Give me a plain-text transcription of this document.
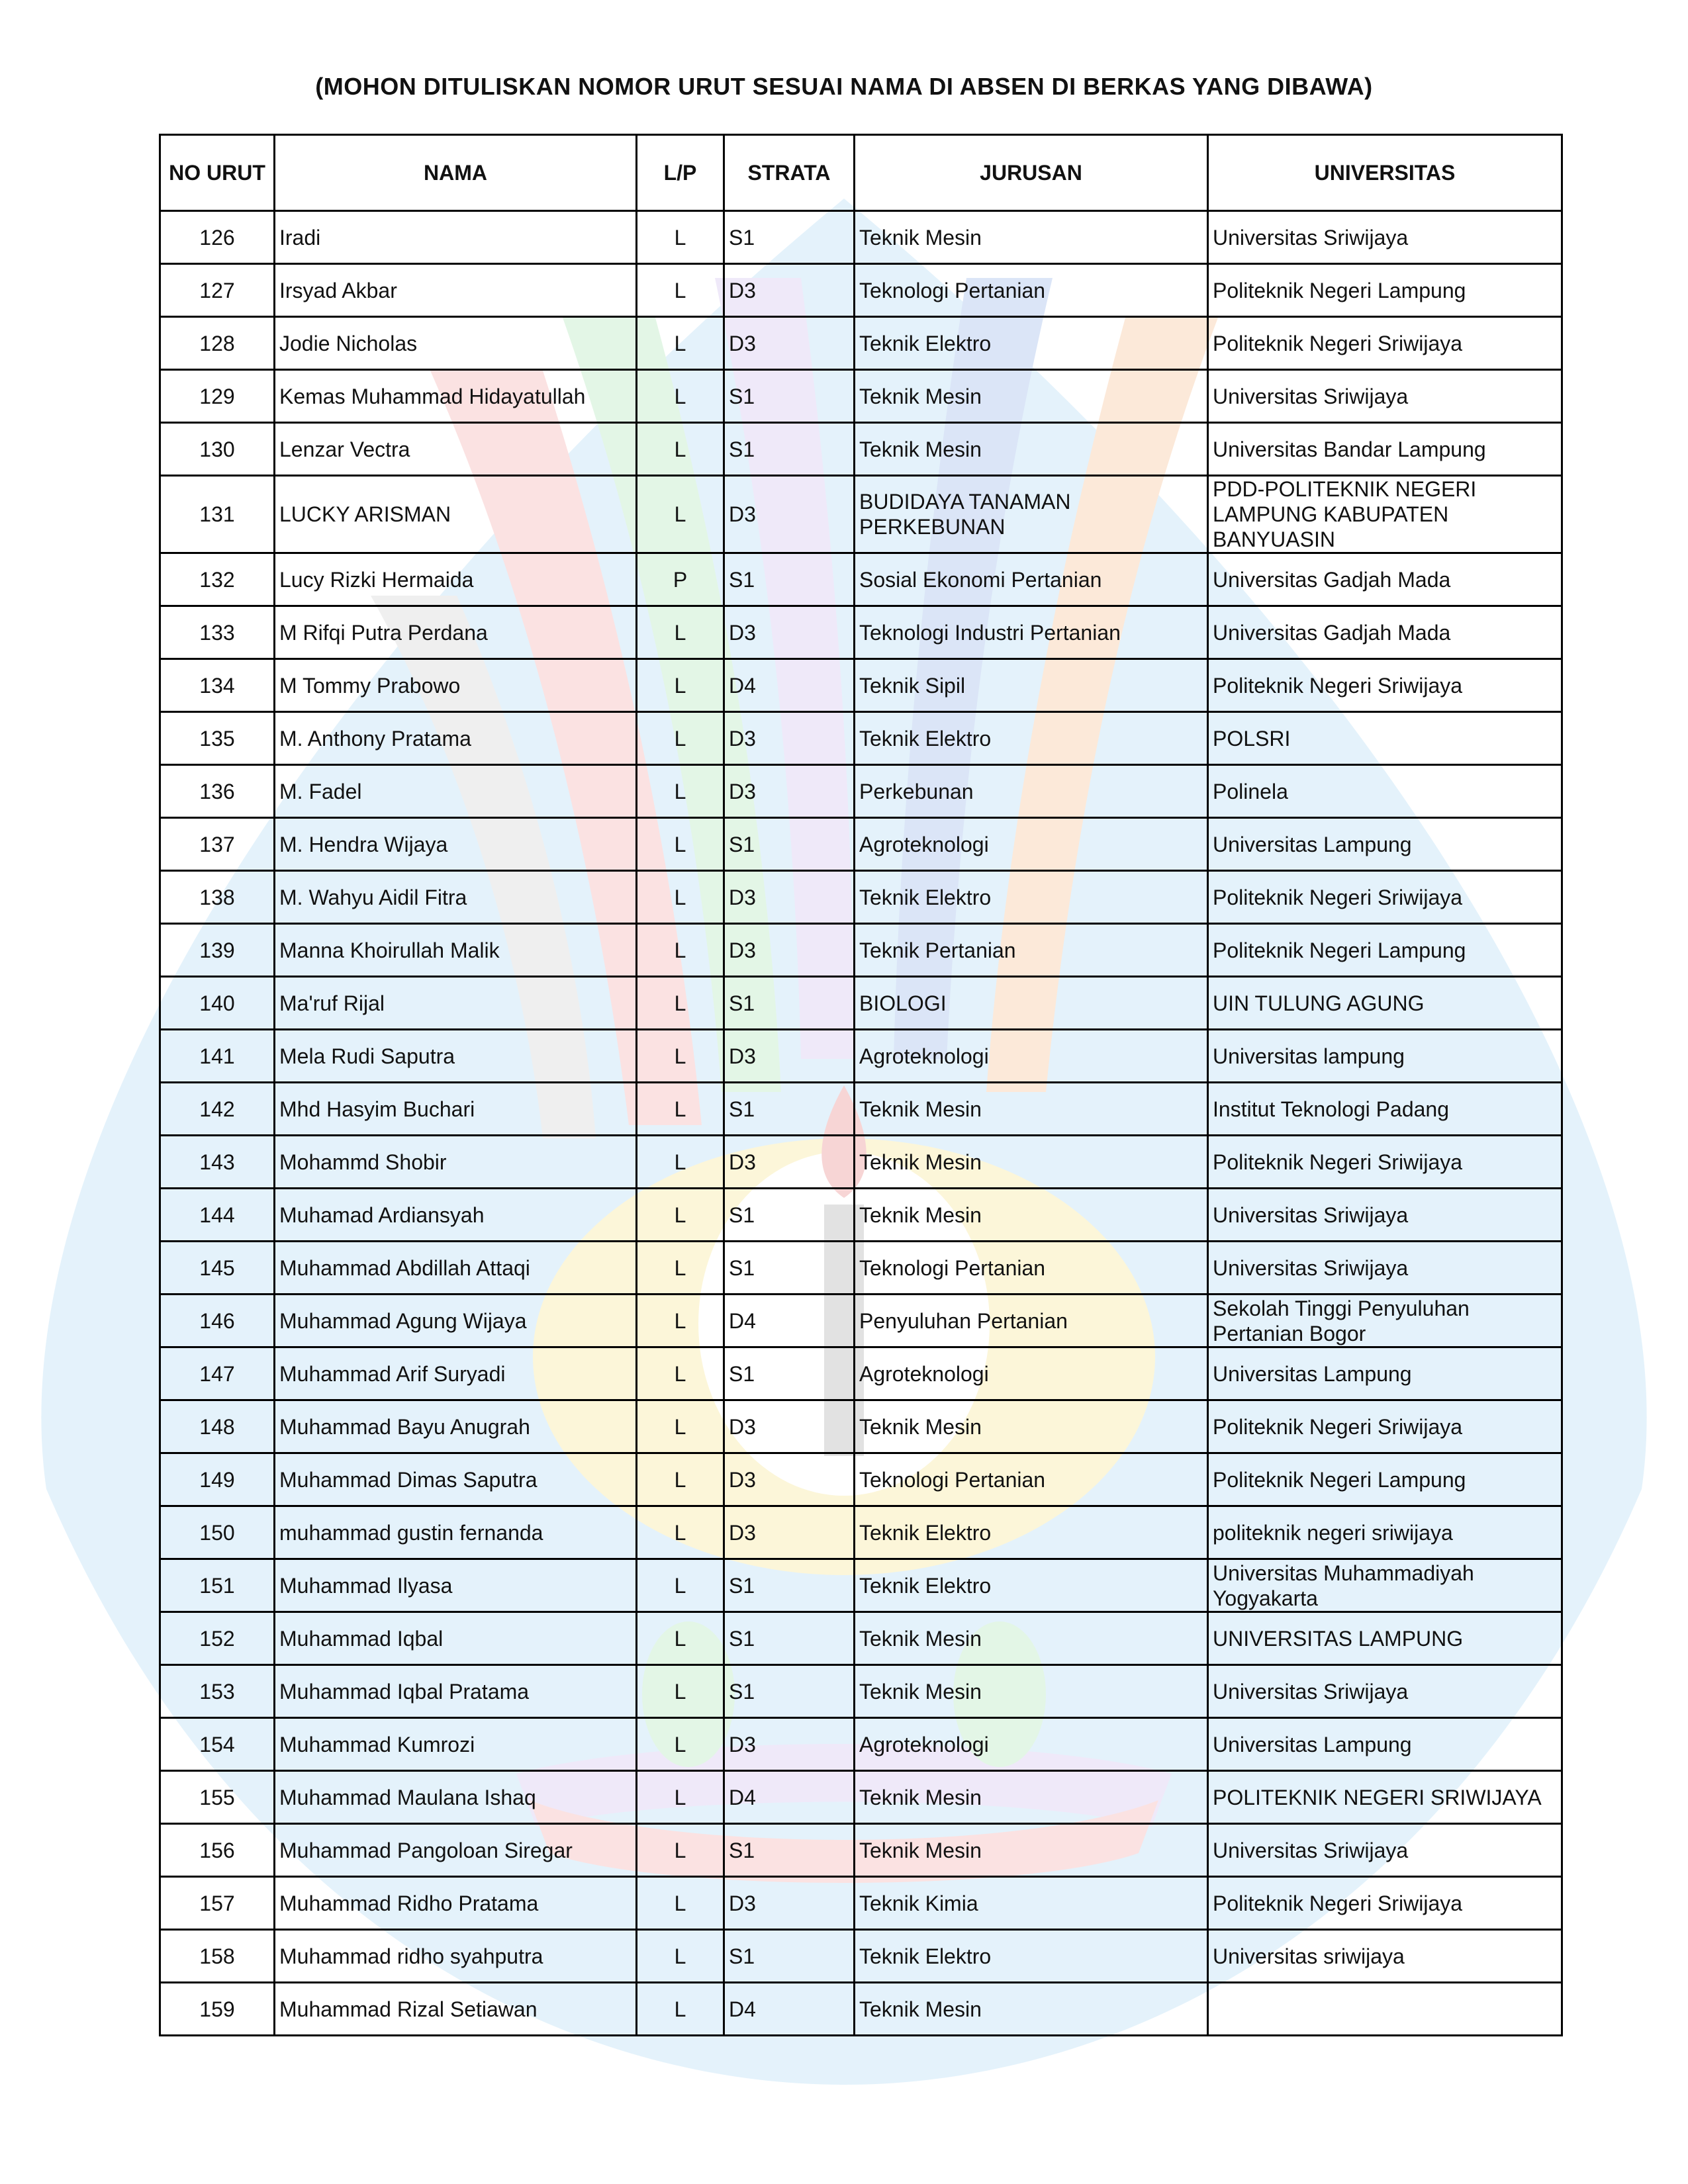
(MOHON DITULISKAN NOMOR URUT SESUAI NAMA DI ABSEN DI BERKAS YANG DIBAWA)
NO URUT	NAMA	L/P	STRATA	JURUSAN	UNIVERSITAS
126	Iradi	L	S1	Teknik Mesin	Universitas Sriwijaya
127	Irsyad Akbar	L	D3	Teknologi Pertanian	Politeknik Negeri Lampung
128	Jodie Nicholas	L	D3	Teknik Elektro	Politeknik Negeri Sriwijaya
129	Kemas Muhammad Hidayatullah	L	S1	Teknik Mesin	Universitas Sriwijaya
130	Lenzar Vectra	L	S1	Teknik Mesin	Universitas Bandar Lampung
131	LUCKY ARISMAN	L	D3	BUDIDAYA TANAMAN PERKEBUNAN	PDD-POLITEKNIK NEGERI LAMPUNG KABUPATEN BANYUASIN
132	Lucy Rizki Hermaida	P	S1	Sosial Ekonomi Pertanian	Universitas Gadjah Mada
133	M Rifqi Putra Perdana	L	D3	Teknologi Industri Pertanian	Universitas Gadjah Mada
134	M Tommy Prabowo	L	D4	Teknik Sipil	Politeknik Negeri Sriwijaya
135	M. Anthony Pratama	L	D3	Teknik Elektro	POLSRI
136	M. Fadel	L	D3	Perkebunan	Polinela
137	M. Hendra Wijaya	L	S1	Agroteknologi	Universitas Lampung
138	M. Wahyu Aidil Fitra	L	D3	Teknik Elektro	Politeknik Negeri Sriwijaya
139	Manna Khoirullah Malik	L	D3	Teknik Pertanian	Politeknik Negeri Lampung
140	Ma'ruf Rijal	L	S1	BIOLOGI	UIN TULUNG AGUNG
141	Mela Rudi Saputra	L	D3	Agroteknologi	Universitas lampung
142	Mhd Hasyim Buchari	L	S1	Teknik Mesin	Institut Teknologi Padang
143	Mohammd Shobir	L	D3	Teknik Mesin	Politeknik Negeri Sriwijaya
144	Muhamad Ardiansyah	L	S1	Teknik Mesin	Universitas Sriwijaya
145	Muhammad Abdillah Attaqi	L	S1	Teknologi Pertanian	Universitas Sriwijaya
146	Muhammad Agung Wijaya	L	D4	Penyuluhan Pertanian	Sekolah Tinggi Penyuluhan Pertanian Bogor
147	Muhammad Arif Suryadi	L	S1	Agroteknologi	Universitas Lampung
148	Muhammad Bayu Anugrah	L	D3	Teknik Mesin	Politeknik Negeri Sriwijaya
149	Muhammad Dimas Saputra	L	D3	Teknologi Pertanian	Politeknik Negeri Lampung
150	muhammad gustin fernanda	L	D3	Teknik Elektro	politeknik negeri sriwijaya
151	Muhammad Ilyasa	L	S1	Teknik Elektro	Universitas Muhammadiyah Yogyakarta
152	Muhammad Iqbal	L	S1	Teknik Mesin	UNIVERSITAS LAMPUNG
153	Muhammad Iqbal Pratama	L	S1	Teknik Mesin	Universitas Sriwijaya
154	Muhammad Kumrozi	L	D3	Agroteknologi	Universitas Lampung
155	Muhammad Maulana Ishaq	L	D4	Teknik Mesin	POLITEKNIK NEGERI SRIWIJAYA
156	Muhammad Pangoloan Siregar	L	S1	Teknik Mesin	Universitas Sriwijaya
157	Muhammad Ridho Pratama	L	D3	Teknik Kimia	Politeknik Negeri Sriwijaya
158	Muhammad ridho syahputra	L	S1	Teknik Elektro	Universitas sriwijaya
159	Muhammad Rizal Setiawan	L	D4	Teknik Mesin	
